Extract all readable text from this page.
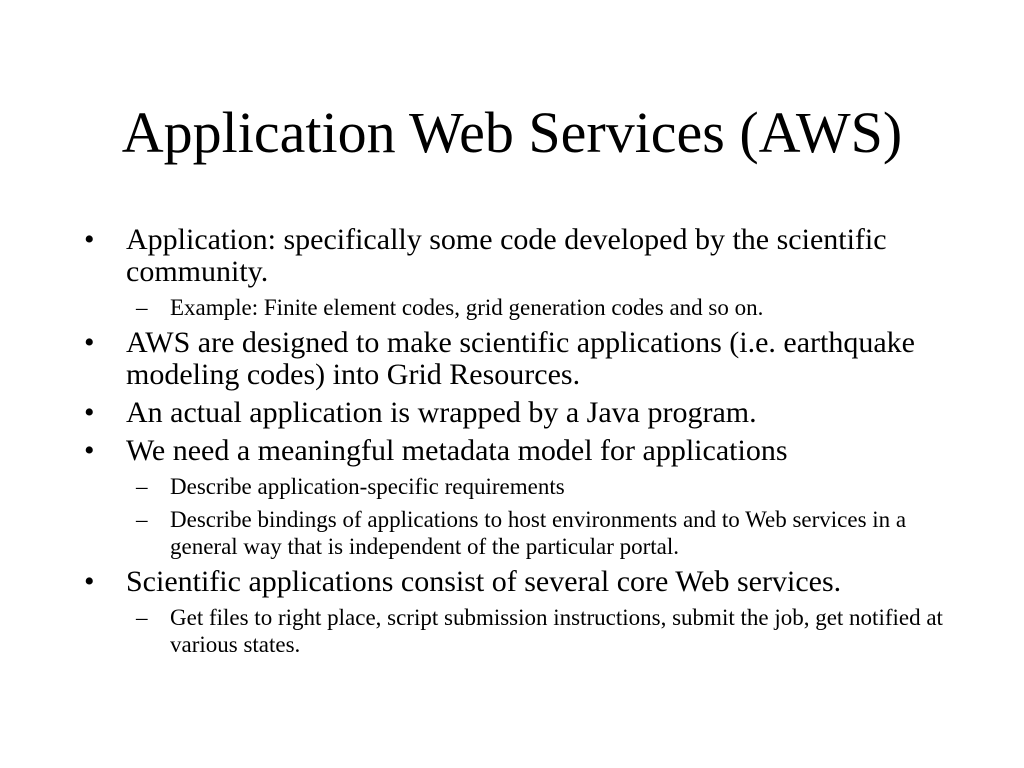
Application Web Services (AWS)
•	Application: specifically some code developed by the scientific community.
– Example: Finite element codes, grid generation codes and so on.
•	AWS are designed to make scientific applications (i.e. earthquake modeling codes) into Grid Resources.
•	An actual application is wrapped by a Java program.
•	We need a meaningful metadata model for applications
– Describe application-specific requirements
– Describe bindings of applications to host environments and to Web services in a general way that is independent of the particular portal.
•	Scientific applications consist of several core Web services.
– Get files to right place, script submission instructions, submit the job, get notified at various states.
